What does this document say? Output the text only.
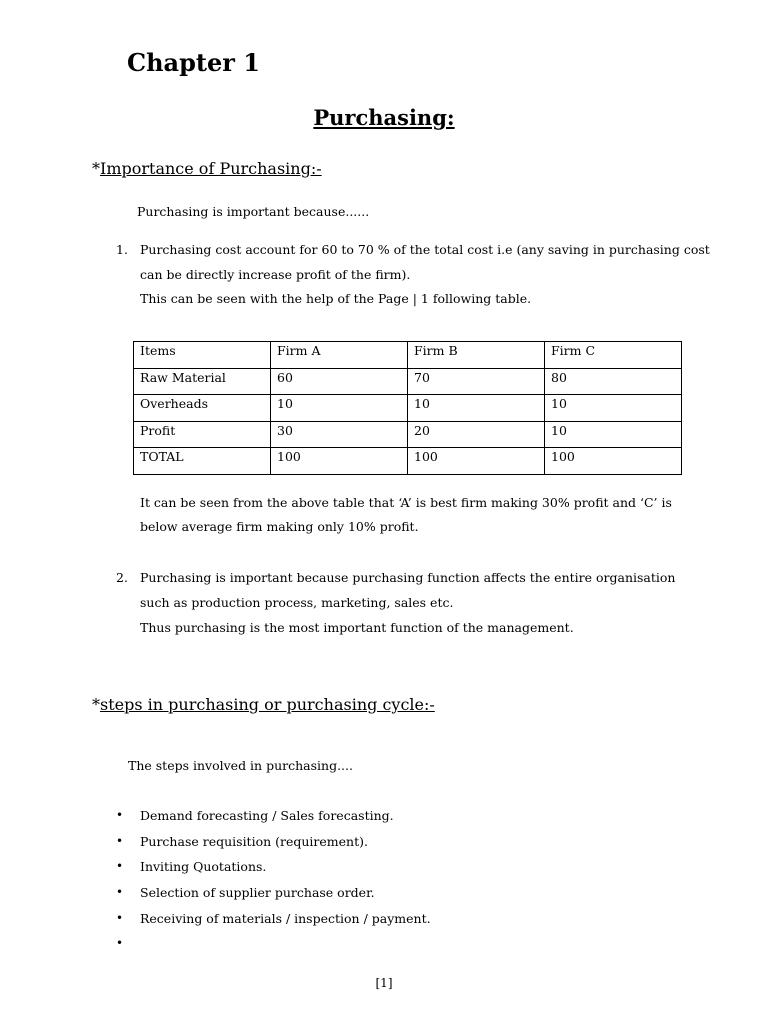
Chapter 1
Purchasing:
*Importance of Purchasing:-
Purchasing is important because......
1. Purchasing cost account for 60 to 70 % of the total cost i.e (any saving in purchasing cost
can be directly increase profit of the firm).
This can be seen with the help of the Page | 1 following table.
Items	Firm A	Firm B	Firm C
Raw Material	60	70	80
Overheads	10	10	10
Profit	30	20	10
TOTAL	100	100	100
It can be seen from the above table that ‘A’ is best firm making 30% profit and ‘C’ is
below average firm making only 10% profit.
2. Purchasing is important because purchasing function affects the entire organisation
such as production process, marketing, sales etc.
Thus purchasing is the most important function of the management.
*steps in purchasing or purchasing cycle:-
The steps involved in purchasing....
• Demand forecasting / Sales forecasting.
• Purchase requisition (requirement).
• Inviting Quotations.
• Selection of supplier purchase order.
• Receiving of materials / inspection / payment.
•
[1]
